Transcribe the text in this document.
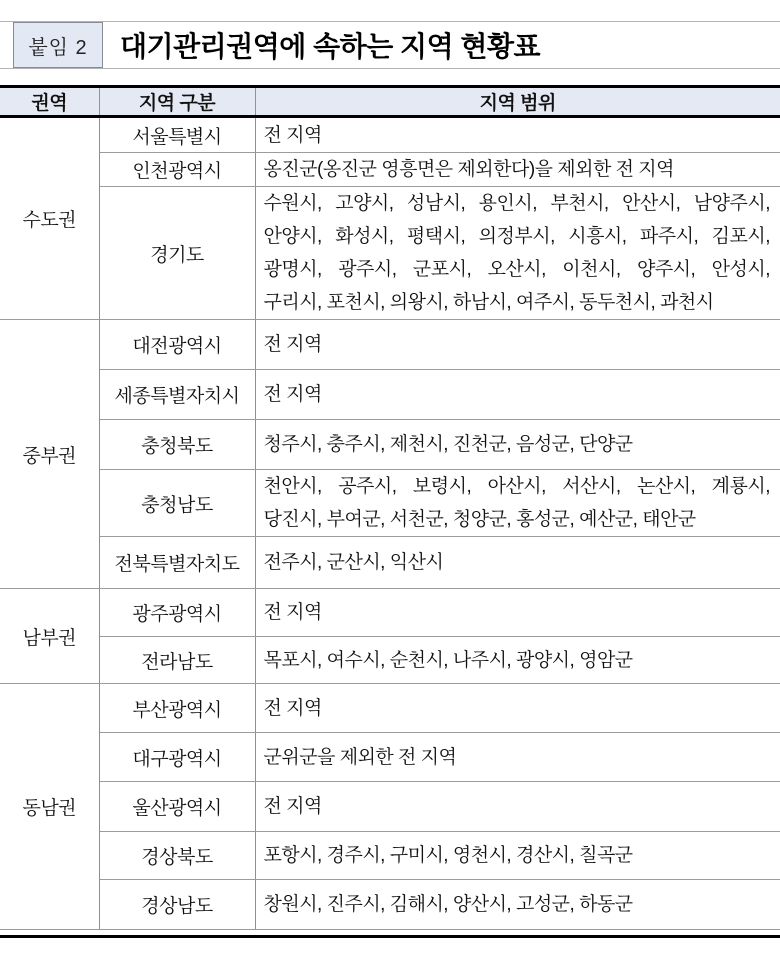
붙임 2	대기관리권역에 속하는 지역 현황표
권역	지역 구분	지역 범위
수도권	서울특별시	전 지역

	인천광역시	옹진군(옹진군 영흥면은 제외한다)을 제외한 전 지역

	경기도	수원시, 고양시, 성남시, 용인시, 부천시, 안산시, 남양주시,
안양시, 화성시, 평택시, 의정부시, 시흥시, 파주시, 김포시,
광명시, 광주시, 군포시, 오산시, 이천시, 양주시, 안성시,
구리시, 포천시, 의왕시, 하남시, 여주시, 동두천시, 과천시

중부권	대전광역시	전 지역

	세종특별자치시	전 지역

	충청북도	청주시, 충주시, 제천시, 진천군, 음성군, 단양군

	충청남도	천안시, 공주시, 보령시, 아산시, 서산시, 논산시, 계룡시,
당진시, 부여군, 서천군, 청양군, 홍성군, 예산군, 태안군

	전북특별자치도	전주시, 군산시, 익산시

남부권	광주광역시	전 지역

	전라남도	목포시, 여수시, 순천시, 나주시, 광양시, 영암군

동남권	부산광역시	전 지역

	대구광역시	군위군을 제외한 전 지역

	울산광역시	전 지역

	경상북도	포항시, 경주시, 구미시, 영천시, 경산시, 칠곡군

	경상남도	창원시, 진주시, 김해시, 양산시, 고성군, 하동군
